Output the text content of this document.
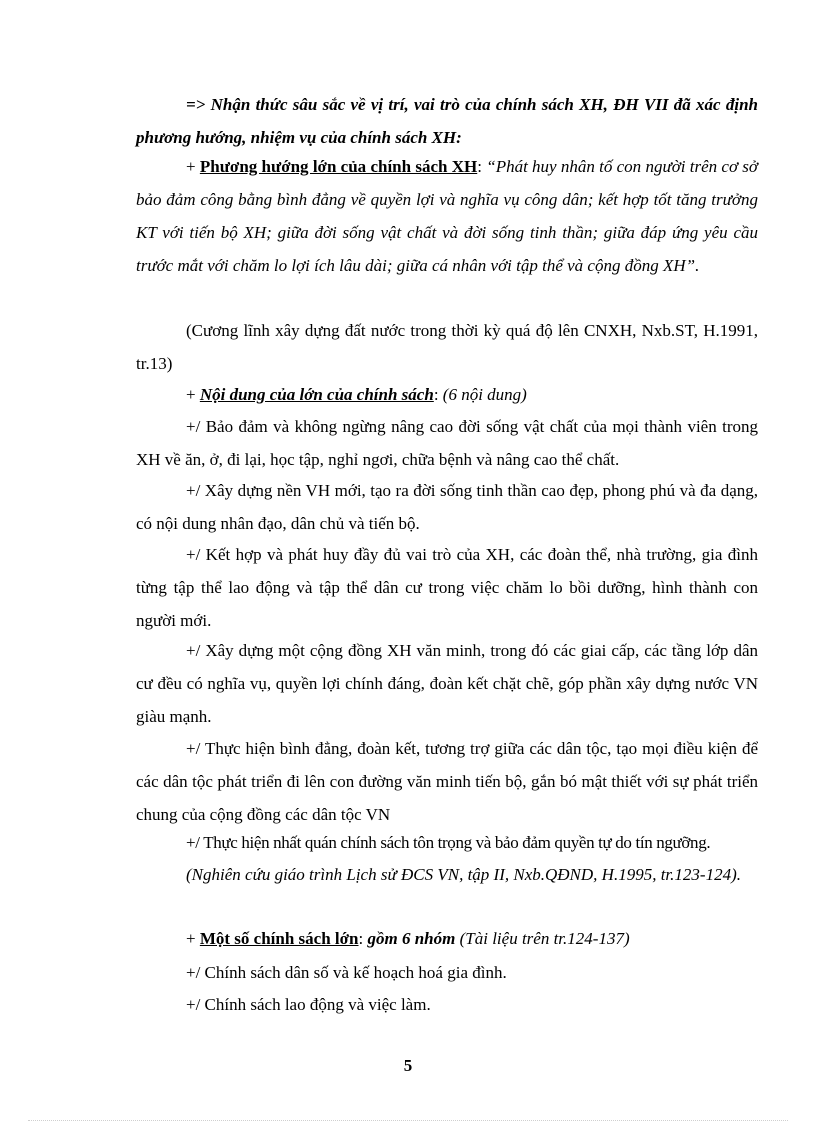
=> Nhận thức sâu sắc về vị trí, vai trò của chính sách XH, ĐH VII đã xác định phương hướng, nhiệm vụ của chính sách XH:

+ Phương hướng lớn của chính sách XH: “Phát huy nhân tố con người trên cơ sở bảo đảm công bằng bình đẳng về quyền lợi và nghĩa vụ công dân; kết hợp tốt tăng trưởng KT với tiến bộ XH; giữa đời sống vật chất và đời sống tinh thần; giữa đáp ứng yêu cầu trước mắt với chăm lo lợi ích lâu dài; giữa cá nhân với tập thể và cộng đồng XH”.

(Cương lĩnh xây dựng đất nước trong thời kỳ quá độ lên CNXH, Nxb.ST, H.1991, tr.13)

+ Nội dung của lớn của chính sách: (6 nội dung)

+/ Bảo đảm và không ngừng nâng cao đời sống vật chất của mọi thành viên trong XH về ăn, ở, đi lại, học tập, nghỉ ngơi, chữa bệnh và nâng cao thể chất.

+/ Xây dựng nền VH mới, tạo ra đời sống tinh thần cao đẹp, phong phú và đa dạng, có nội dung nhân đạo, dân chủ và tiến bộ.

+/ Kết hợp và phát huy đầy đủ vai trò của XH, các đoàn thể, nhà trường, gia đình từng tập thể lao động và tập thể dân cư trong việc chăm lo bồi dưỡng, hình thành con người mới.

+/ Xây dựng một cộng đồng XH văn minh, trong đó các giai cấp, các tầng lớp dân cư đều có nghĩa vụ, quyền lợi chính đáng, đoàn kết chặt chẽ, góp phần xây dựng nước VN giàu mạnh.

+/ Thực hiện bình đẳng, đoàn kết, tương trợ giữa các dân tộc, tạo mọi điều kiện để các dân tộc phát triển đi lên con đường văn minh tiến bộ, gắn bó mật thiết với sự phát triển chung của cộng đồng các dân tộc VN

+/ Thực hiện nhất quán chính sách tôn trọng và bảo đảm quyền tự do tín ngưỡng.

(Nghiên cứu giáo trình Lịch sử ĐCS VN, tập II, Nxb.QĐND, H.1995, tr.123-124).

+ Một số chính sách lớn: gồm 6 nhóm (Tài liệu trên tr.124-137)

+/ Chính sách dân số và kế hoạch hoá gia đình.

+/ Chính sách lao động và việc làm.

5
